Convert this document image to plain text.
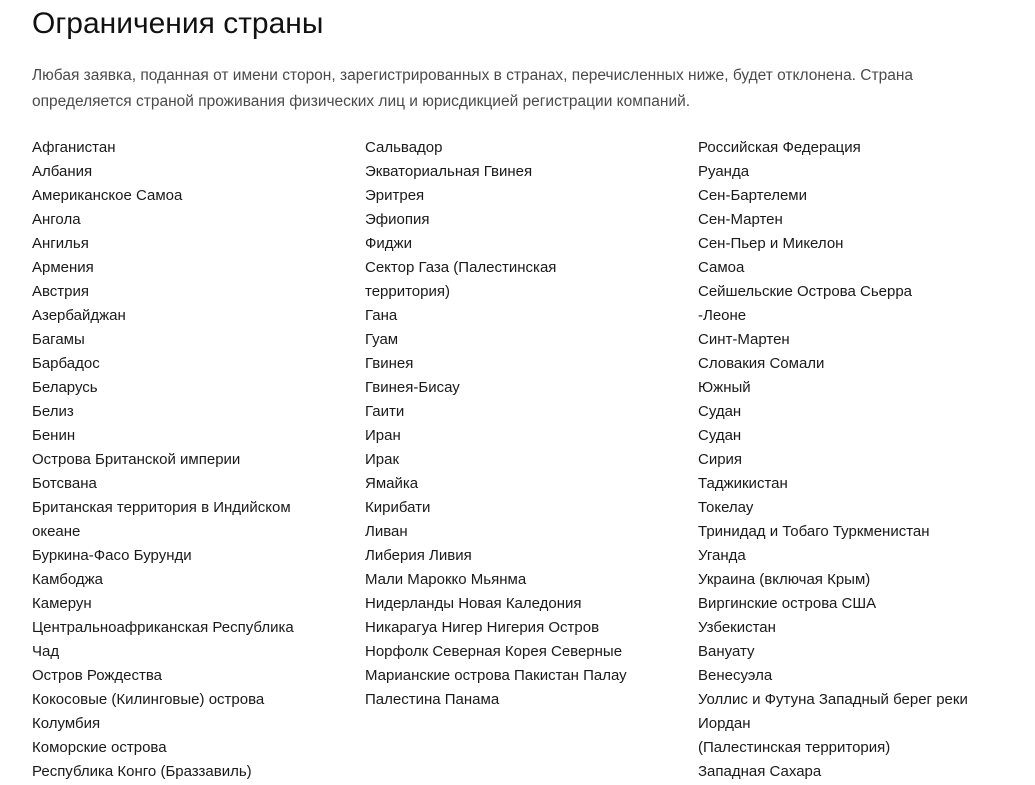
Ограничения страны

Любая заявка, поданная от имени сторон, зарегистрированных в странах, перечисленных ниже, будет отклонена. Страна определяется страной проживания физических лиц и юрисдикцией регистрации компаний.

Афганистан
Албания
Американское Самоа
Ангола
Ангилья
Армения
Австрия
Азербайджан
Багамы
Барбадос
Беларусь
Белиз
Бенин
Острова Британской империи
Ботсвана
Британская территория в Индийском
океане
Буркина-Фасо Бурунди
Камбоджа
Камерун
Центральноафриканская Республика
Чад
Остров Рождества
Кокосовые (Килинговые) острова
Колумбия
Коморские острова
Республика Конго (Браззавиль)
Сальвадор
Экваториальная Гвинея
Эритрея
Эфиопия
Фиджи
Сектор Газа (Палестинская
территория)
Гана
Гуам
Гвинея
Гвинея-Бисау
Гаити
Иран
Ирак
Ямайка
Кирибати
Ливан
Либерия Ливия
Мали Марокко Мьянма
Нидерланды Новая Каледония
Никарагуа Нигер Нигерия Остров
Норфолк Северная Корея Северные
Марианские острова Пакистан Палау
Палестина Панама
Российская Федерация
Руанда
Сен-Бартелеми
Сен-Мартен
Сен-Пьер и Микелон
Самоа
Сейшельские Острова Сьерра
-Леоне
Синт-Мартен
Словакия Сомали
Южный
Судан
Судан
Сирия
Таджикистан
Токелау
Тринидад и Тобаго Туркменистан
Уганда
Украина (включая Крым)
Виргинские острова США
Узбекистан
Вануату
Венесуэла
Уоллис и Футуна Западный берег реки
Иордан
(Палестинская территория)
Западная Сахара
